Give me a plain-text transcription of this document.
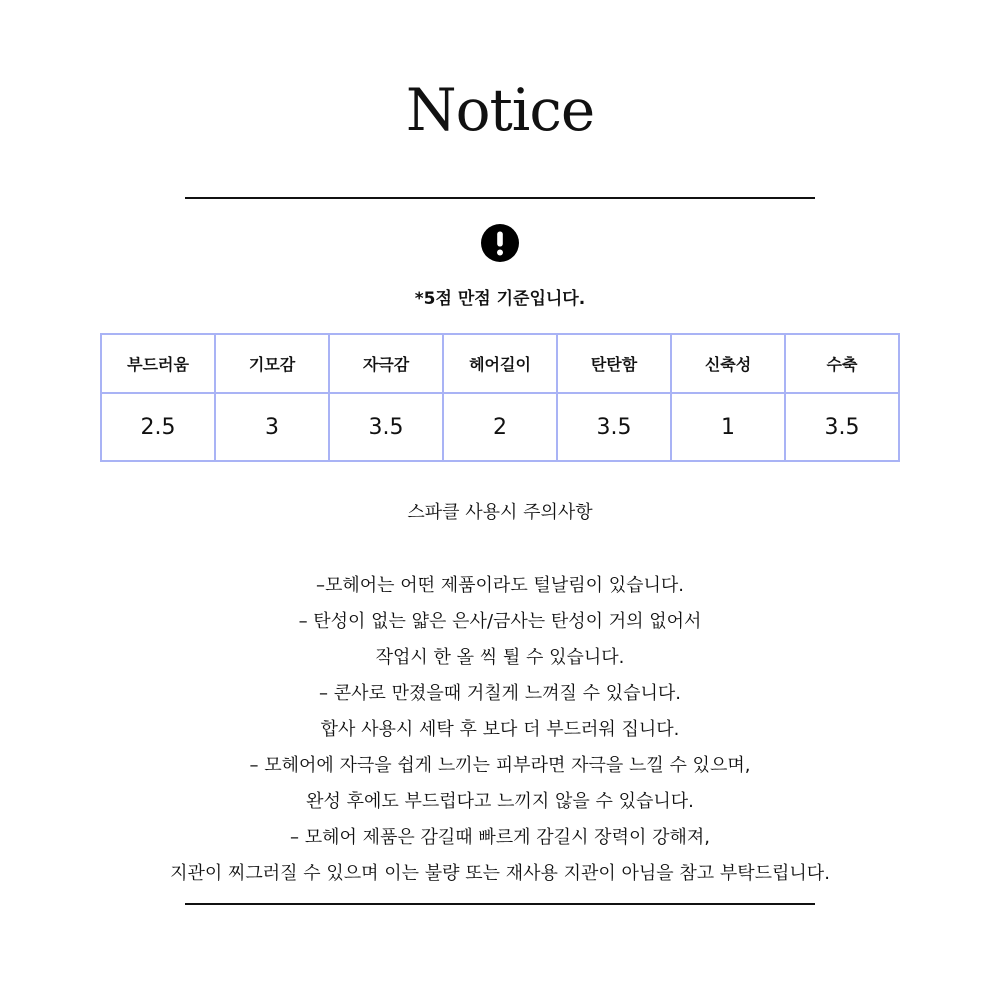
Notice
*5점 만점 기준입니다.
부드러움	기모감	자극감	헤어길이	탄탄함	신축성	수축
2.5	3	3.5	2	3.5	1	3.5
스파클 사용시 주의사항
–모헤어는 어떤 제품이라도 털날림이 있습니다.
– 탄성이 없는 얇은 은사/금사는 탄성이 거의 없어서
작업시 한 올 씩 튈 수 있습니다.
– 콘사로 만졌을때 거칠게 느껴질 수 있습니다.
합사 사용시 세탁 후 보다 더 부드러워 집니다.
– 모헤어에 자극을 쉽게 느끼는 피부라면 자극을 느낄 수 있으며,
완성 후에도 부드럽다고 느끼지 않을 수 있습니다.
– 모헤어 제품은 감길때 빠르게 감길시 장력이 강해져,
지관이 찌그러질 수 있으며 이는 불량 또는 재사용 지관이 아님을 참고 부탁드립니다.
